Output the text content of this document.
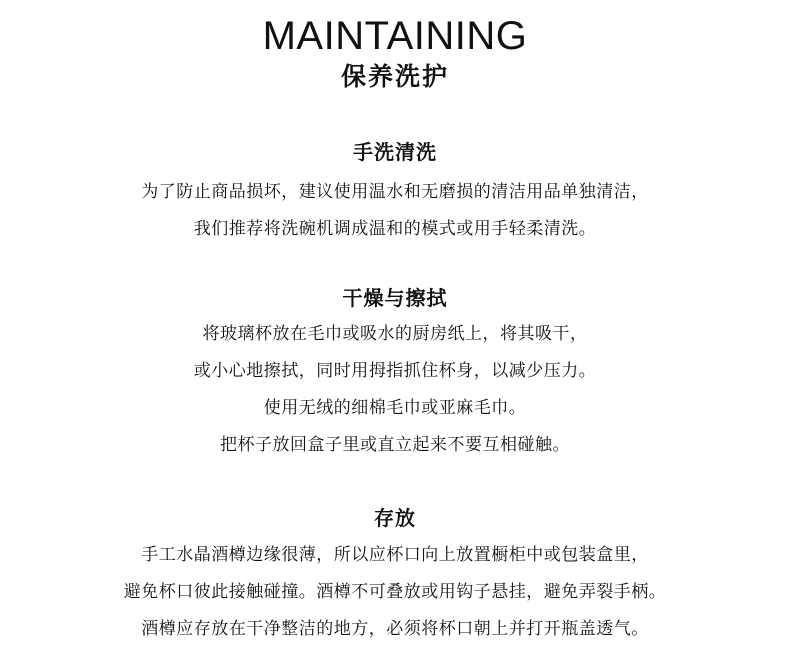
MAINTAINING
保养洗护
手洗清洗
为了防止商品损坏，建议使用温水和无磨损的清洁用品单独清洁，
我们推荐将洗碗机调成温和的模式或用手轻柔清洗。
干燥与擦拭
将玻璃杯放在毛巾或吸水的厨房纸上，将其吸干，
或小心地擦拭，同时用拇指抓住杯身，以减少压力。
使用无绒的细棉毛巾或亚麻毛巾。
把杯子放回盒子里或直立起来不要互相碰触。
存放
手工水晶酒樽边缘很薄，所以应杯口向上放置橱柜中或包装盒里，
避免杯口彼此接触碰撞。酒樽不可叠放或用钩子悬挂，避免弄裂手柄。
酒樽应存放在干净整洁的地方，必须将杯口朝上并打开瓶盖透气。
